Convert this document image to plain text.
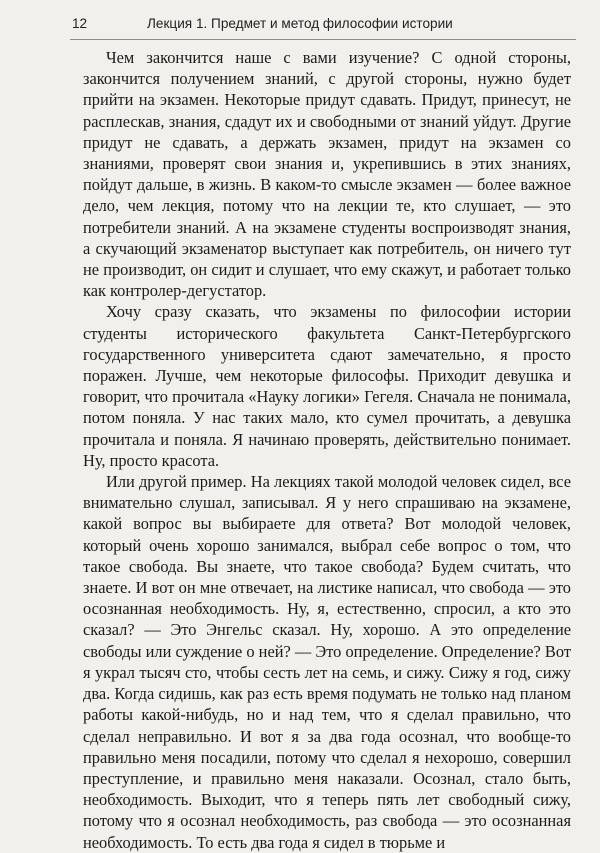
12	Лекция 1. Предмет и метод философии истории

Чем закончится наше с вами изучение? С одной стороны, закончится получением знаний, с другой стороны, нужно будет прийти на экзамен. Некоторые придут сдавать. Придут, принесут, не расплескав, знания, сдадут их и свободными от знаний уйдут. Другие придут не сдавать, а держать экзамен, придут на экзамен со знаниями, проверят свои знания и, укрепившись в этих знаниях, пойдут дальше, в жизнь. В каком-то смысле экзамен — более важное дело, чем лекция, потому что на лекции те, кто слушает, — это потребители знаний. А на экзамене студенты воспроизводят знания, а скучающий экзаменатор выступает как потребитель, он ничего тут не производит, он сидит и слушает, что ему скажут, и работает только как контролер-дегустатор.

Хочу сразу сказать, что экзамены по философии истории студенты исторического факультета Санкт-Петербургского государственного университета сдают замечательно, я просто поражен. Лучше, чем некоторые философы. Приходит девушка и говорит, что прочитала «Науку логики» Гегеля. Сначала не понимала, потом поняла. У нас таких мало, кто сумел прочитать, а девушка прочитала и поняла. Я начинаю проверять, действительно понимает. Ну, просто красота.

Или другой пример. На лекциях такой молодой человек сидел, все внимательно слушал, записывал. Я у него спрашиваю на экзамене, какой вопрос вы выбираете для ответа? Вот молодой человек, который очень хорошо занимался, выбрал себе вопрос о том, что такое свобода. Вы знаете, что такое свобода? Будем считать, что знаете. И вот он мне отвечает, на листике написал, что свобода — это осознанная необходимость. Ну, я, естественно, спросил, а кто это сказал? — Это Энгельс сказал. Ну, хорошо. А это определение свободы или суждение о ней? — Это определение. Определение? Вот я украл тысяч сто, чтобы сесть лет на семь, и сижу. Сижу я год, сижу два. Когда сидишь, как раз есть время подумать не только над планом работы какой-нибудь, но и над тем, что я сделал правильно, что сделал неправильно. И вот я за два года осознал, что вообще-то правильно меня посадили, потому что сделал я нехорошо, совершил преступление, и правильно меня наказали. Осознал, стало быть, необходимость. Выходит, что я теперь пять лет свободный сижу, потому что я осознал необходимость, раз свобода — это осознанная необходимость. То есть два года я сидел в тюрьме и
